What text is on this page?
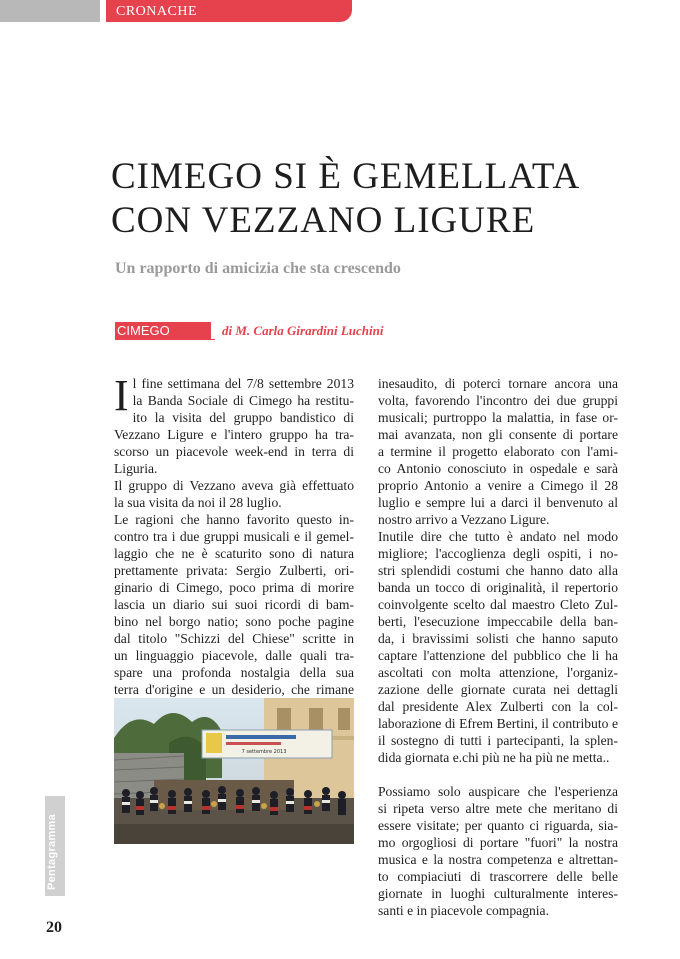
CRONACHE
CIMEGO SI È GEMELLATA
CON VEZZANO LIGURE

Un rapporto di amicizia che sta crescendo

CIMEGO	di M. Carla Girardini Luchini
I l fine settimana del 7/8 settembre 2013
la Banda Sociale di Cimego ha restitu-
ito la visita del gruppo bandistico di
Vezzano Ligure e l'intero gruppo ha tra-
scorso un piacevole week-end in terra di
Liguria.
Il gruppo di Vezzano aveva già effettuato
la sua visita da noi il 28 luglio.
Le ragioni che hanno favorito questo in-
contro tra i due gruppi musicali e il gemel-
laggio che ne è scaturito sono di natura
prettamente privata: Sergio Zulberti, ori-
ginario di Cimego, poco prima di morire
lascia un diario sui suoi ricordi di bam-
bino nel borgo natio; sono poche pagine
dal titolo "Schizzi del Chiese" scritte in
un linguaggio piacevole, dalle quali tra-
spare una profonda nostalgia della sua
terra d'origine e un desiderio, che rimane
inesaudito, di poterci tornare ancora una
volta, favorendo l'incontro dei due gruppi
musicali; purtroppo la malattia, in fase or-
mai avanzata, non gli consente di portare
a termine il progetto elaborato con l'ami-
co Antonio conosciuto in ospedale e sarà
proprio Antonio a venire a Cimego il 28
luglio e sempre lui a darci il benvenuto al
nostro arrivo a Vezzano Ligure.
Inutile dire che tutto è andato nel modo
migliore; l'accoglienza degli ospiti, i no-
stri splendidi costumi che hanno dato alla
banda un tocco di originalità, il repertorio
coinvolgente scelto dal maestro Cleto Zul-
berti, l'esecuzione impeccabile della ban-
da, i bravissimi solisti che hanno saputo
captare l'attenzione del pubblico che li ha
ascoltati con molta attenzione, l'organiz-
zazione delle giornate curata nei dettagli
dal presidente Alex Zulberti con la col-
laborazione di Efrem Bertini, il contributo e
il sostegno di tutti i partecipanti, la splen-
dida giornata e.chi più ne ha più ne metta..
Possiamo solo auspicare che l'esperienza
si ripeta verso altre mete che meritano di
essere visitate; per quanto ci riguarda, sia-
mo orgogliosi di portare "fuori" la nostra
musica e la nostra competenza e altrettan-
to compiaciuti di trascorrere delle belle
giornate in luoghi culturalmente interes-
santi e in piacevole compagnia.
7 settembre 2013
Pentagramma
20
